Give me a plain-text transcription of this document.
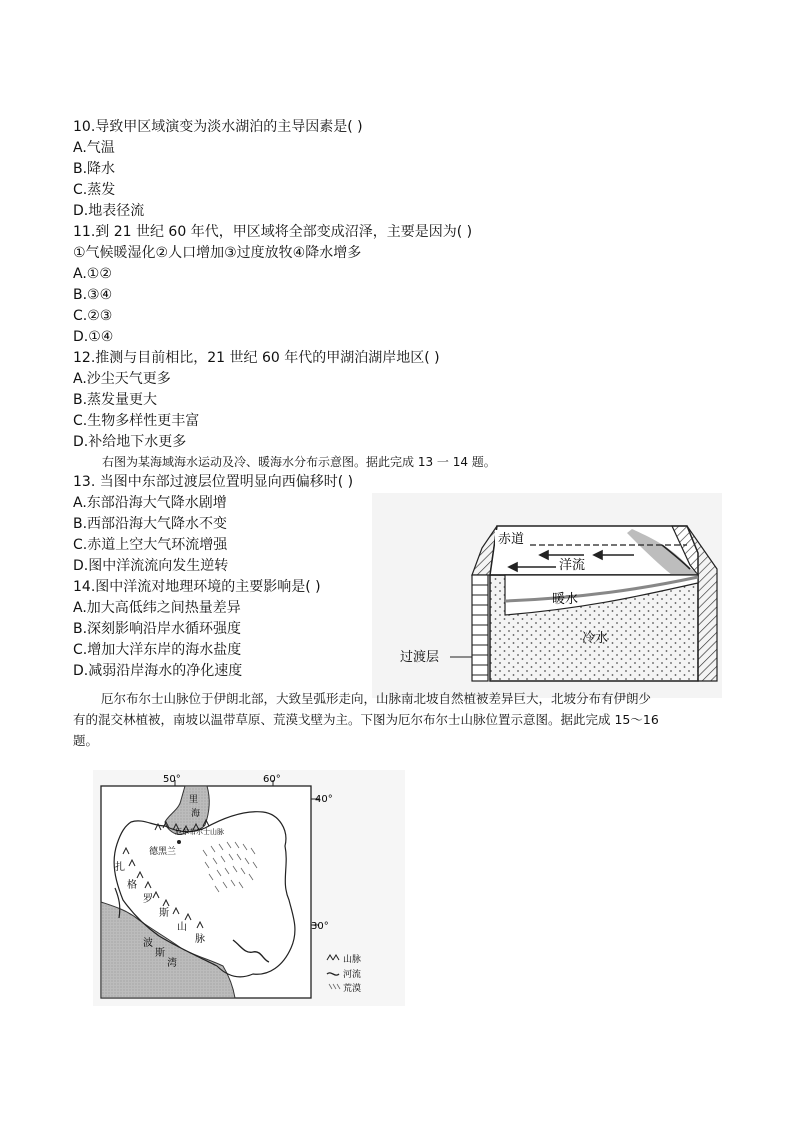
10.导致甲区域演变为淡水湖泊的主导因素是( )
A.气温
B.降水
C.蒸发
D.地表径流
11.到 21 世纪 60 年代，甲区域将全部变成沼泽，主要是因为( )
①气候暖湿化②人口增加③过度放牧④降水增多
A.①②
B.③④
C.②③
D.①④
12.推测与目前相比，21 世纪 60 年代的甲湖泊湖岸地区( )
A.沙尘天气更多
B.蒸发量更大
C.生物多样性更丰富
D.补给地下水更多
右图为某海域海水运动及冷、暖海水分布示意图。据此完成 13 一 14 题。
13. 当图中东部过渡层位置明显向西偏移时( )
A.东部沿海大气降水剧增
B.西部沿海大气降水不变
C.赤道上空大气环流增强
D.图中洋流流向发生逆转
14.图中洋流对地理环境的主要影响是( )
A.加大高低纬之间热量差异
B.深刻影响沿岸水循环强度
C.增加大洋东岸的海水盐度
D.减弱沿岸海水的净化速度
赤道
洋流
暖水
冷水
过渡层
厄尔布尔士山脉位于伊朗北部，大致呈弧形走向，山脉南北坡自然植被差异巨大，北坡分布有伊朗少
有的混交林植被，南坡以温带草原、荒漠戈壁为主。下图为厄尔布尔士山脉位置示意图。据此完成 15～16
题。
50°	60°
40°
30°
里
海
厄尔布尔士山脉
德黑兰
扎
格
罗
斯
山
脉
波
斯
湾	山脉
河流
荒漠
